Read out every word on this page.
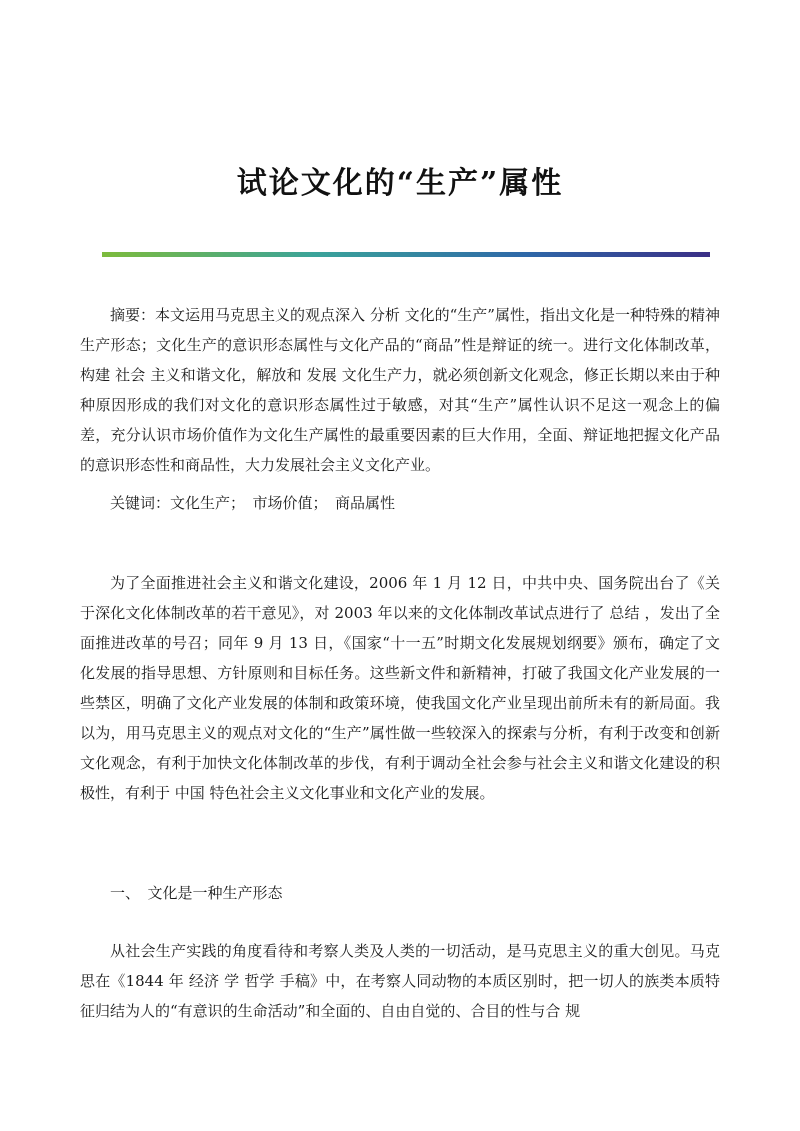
试论文化的“生产”属性

摘要：本文运用马克思主义的观点深入 分析 文化的“生产”属性，指出文化是一种特殊的精神生产形态；文化生产的意识形态属性与文化产品的“商品”性是辩证的统一。进行文化体制改革，构建 社会 主义和谐文化，解放和 发展 文化生产力，就必须创新文化观念，修正长期以来由于种种原因形成的我们对文化的意识形态属性过于敏感，对其“生产”属性认识不足这一观念上的偏差，充分认识市场价值作为文化生产属性的最重要因素的巨大作用，全面、辩证地把握文化产品的意识形态性和商品性，大力发展社会主义文化产业。

关键词：文化生产；　市场价值；　商品属性

为了全面推进社会主义和谐文化建设，2006 年 1 月 12 日，中共中央、国务院出台了《关于深化文化体制改革的若干意见》，对 2003 年以来的文化体制改革试点进行了 总结 ，发出了全面推进改革的号召；同年 9 月 13 日，《国家“十一五”时期文化发展规划纲要》颁布，确定了文化发展的指导思想、方针原则和目标任务。这些新文件和新精神，打破了我国文化产业发展的一些禁区，明确了文化产业发展的体制和政策环境，使我国文化产业呈现出前所未有的新局面。我以为，用马克思主义的观点对文化的“生产”属性做一些较深入的探索与分析，有利于改变和创新文化观念，有利于加快文化体制改革的步伐，有利于调动全社会参与社会主义和谐文化建设的积极性，有利于 中国 特色社会主义文化事业和文化产业的发展。

一、　文化是一种生产形态

从社会生产实践的角度看待和考察人类及人类的一切活动，是马克思主义的重大创见。马克思在《1844 年 经济 学 哲学 手稿》中，在考察人同动物的本质区别时，把一切人的族类本质特征归结为人的“有意识的生命活动”和全面的、自由自觉的、合目的性与合 规
